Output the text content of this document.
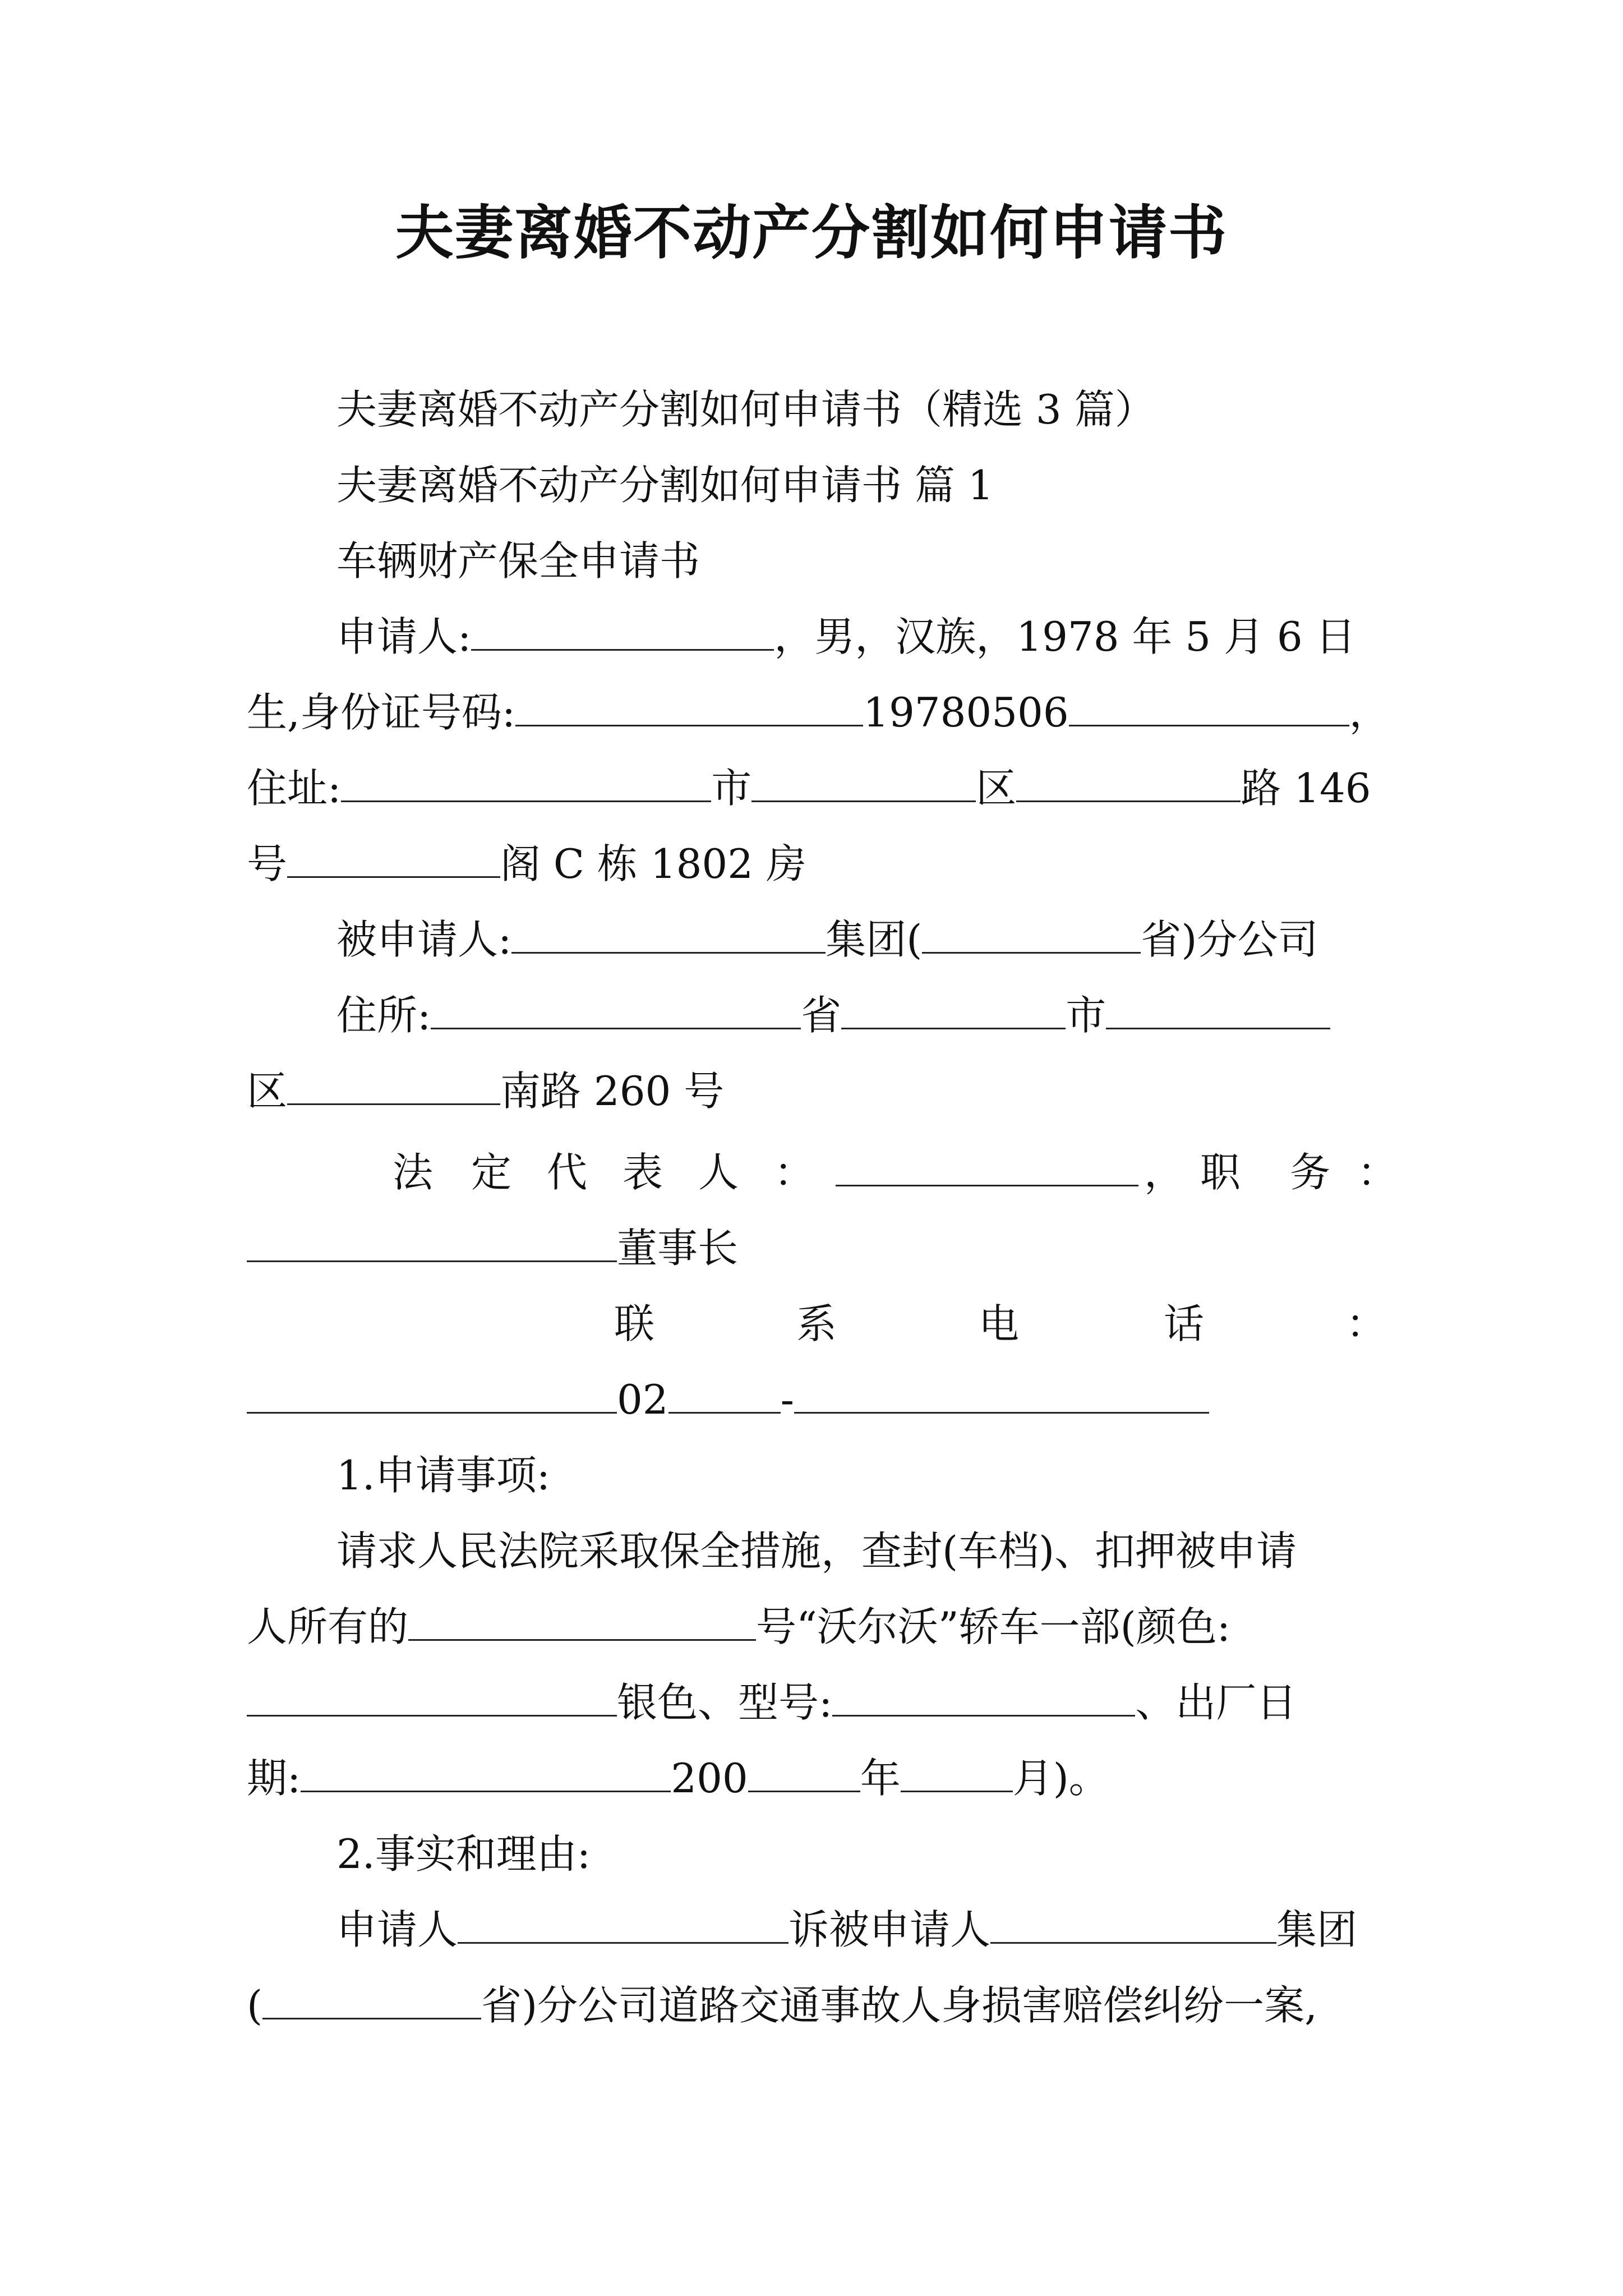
夫妻离婚不动产分割如何申请书
夫妻离婚不动产分割如何申请书（精选 3 篇）
夫妻离婚不动产分割如何申请书 篇 1
车辆财产保全申请书
申请人:	，男，汉族，1978 年 5 月 6 日
生,身份证号码:	19780506	，
住址:	市	区	路 146
号	阁 C 栋 1802 房
被申请人:	集团(	省)分公司
住所:	省	市
区	南路 260 号
法 定 代 表 人 ：	， 职 务 ：
董事长
联	系	电	话	：
02	-
1.申请事项:
请求人民法院采取保全措施，查封(车档)、扣押被申请
人所有的	号“沃尔沃”轿车一部(颜色:
银色、型号:	、出厂日
期:	200	年	月)。
2.事实和理由:
申请人	诉被申请人	集团
(	省)分公司道路交通事故人身损害赔偿纠纷一案,
